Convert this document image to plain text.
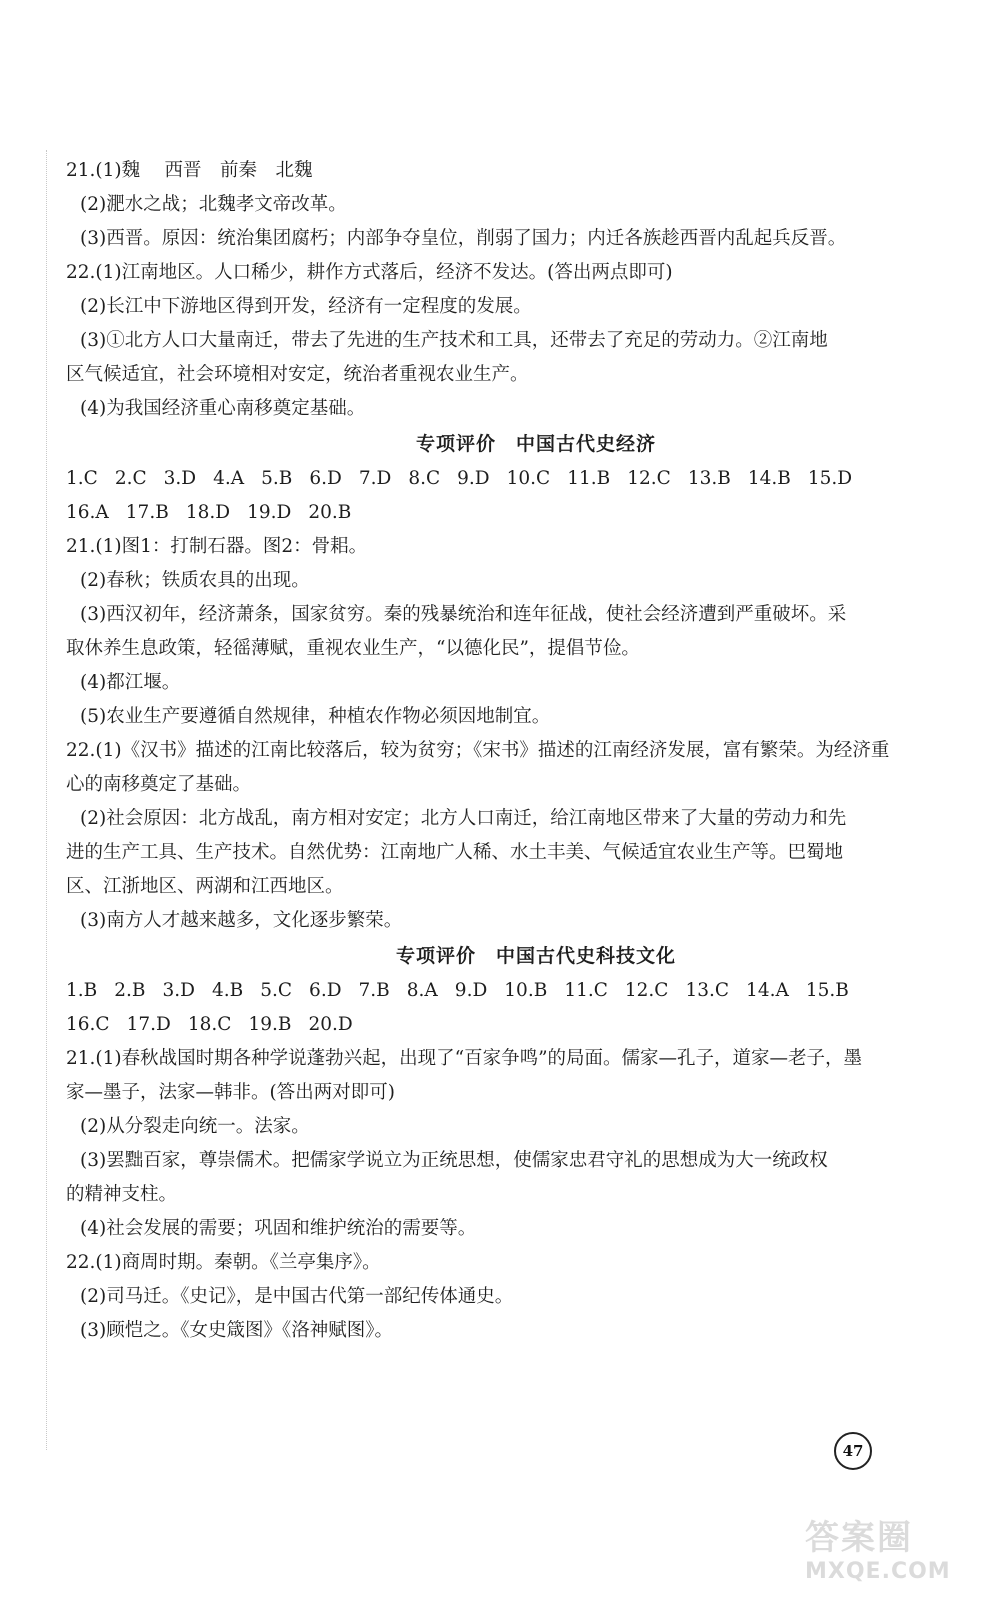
21.(1)魏　 西晋　前秦　北魏
(2)淝水之战；北魏孝文帝改革。
(3)西晋。原因：统治集团腐朽；内部争夺皇位，削弱了国力；内迁各族趁西晋内乱起兵反晋。
22.(1)江南地区。人口稀少，耕作方式落后，经济不发达。(答出两点即可)
(2)长江中下游地区得到开发，经济有一定程度的发展。
(3)①北方人口大量南迁，带去了先进的生产技术和工具，还带去了充足的劳动力。②江南地
区气候适宜，社会环境相对安定，统治者重视农业生产。
(4)为我国经济重心南移奠定基础。
专项评价　中国古代史经济
1.C 2.C 3.D 4.A 5.B 6.D 7.D 8.C 9.D 10.C 11.B 12.C 13.B 14.B 15.D
16.A 17.B 18.D 19.D 20.B
21.(1)图1：打制石器。图2：骨耜。
(2)春秋；铁质农具的出现。
(3)西汉初年，经济萧条，国家贫穷。秦的残暴统治和连年征战，使社会经济遭到严重破坏。采
取休养生息政策，轻徭薄赋，重视农业生产，“以德化民”，提倡节俭。
(4)都江堰。
(5)农业生产要遵循自然规律，种植农作物必须因地制宜。
22.(1)《汉书》描述的江南比较落后，较为贫穷；《宋书》描述的江南经济发展，富有繁荣。为经济重
心的南移奠定了基础。
(2)社会原因：北方战乱，南方相对安定；北方人口南迁，给江南地区带来了大量的劳动力和先
进的生产工具、生产技术。自然优势：江南地广人稀、水土丰美、气候适宜农业生产等。巴蜀地
区、江浙地区、两湖和江西地区。
(3)南方人才越来越多，文化逐步繁荣。
专项评价　中国古代史科技文化
1.B 2.B 3.D 4.B 5.C 6.D 7.B 8.A 9.D 10.B 11.C 12.C 13.C 14.A 15.B
16.C 17.D 18.C 19.B 20.D
21.(1)春秋战国时期各种学说蓬勃兴起，出现了“百家争鸣”的局面。儒家—孔子，道家—老子，墨
家—墨子，法家—韩非。(答出两对即可)
(2)从分裂走向统一。法家。
(3)罢黜百家，尊崇儒术。把儒家学说立为正统思想，使儒家忠君守礼的思想成为大一统政权
的精神支柱。
(4)社会发展的需要；巩固和维护统治的需要等。
22.(1)商周时期。秦朝。《兰亭集序》。
(2)司马迁。《史记》，是中国古代第一部纪传体通史。
(3)顾恺之。《女史箴图》《洛神赋图》。
47
答案圈
MXQE.COM
